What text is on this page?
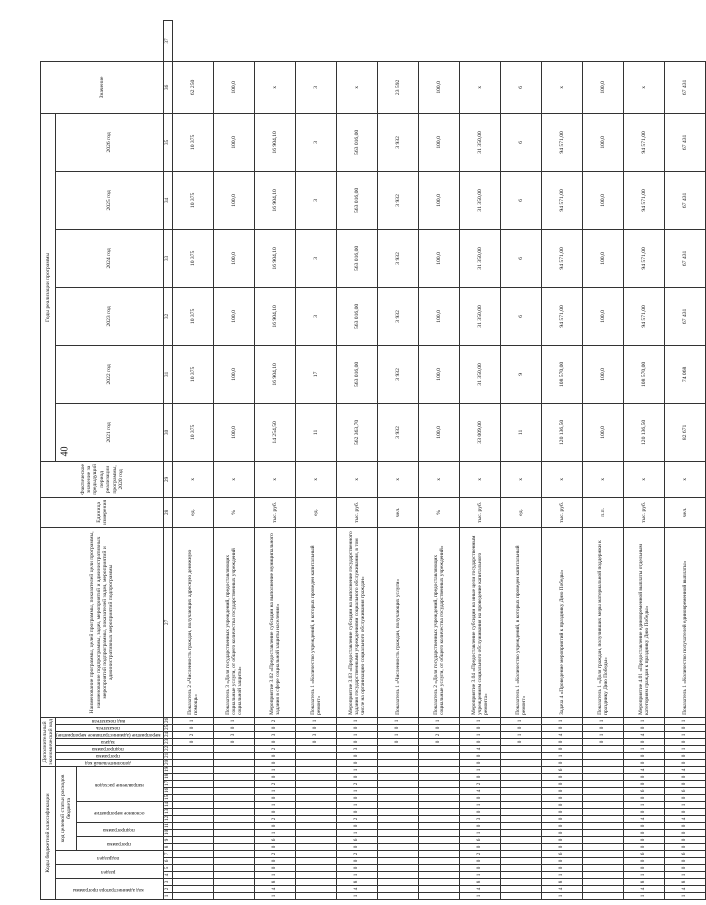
40
Коды бюджетной классификации																			Дополнительный экономический код							Наименование программы, целей программы, показателей цели программы, наименование подпрограммы, задач, мероприятий и административных мероприятий подпрограммы, показателей задач, мероприятий и административных мероприятий подпрограммы	Единица измерения	Фактическое значение за предыдущий период реализации программы, 2020 год	Годы реализации программы						Значение	
код администратора программы			раздел		подраздел		код целевой статьи расходов бюджета												дополнительный код	программа	подпрограмма	задача	мероприятие (административное мероприятие)	показатель	вид показателя				2021 год	2022 год	2023 год	2024 год	2025 год	2026 год		
							программа		подпрограмма		основное мероприятие			направление расходов																						
1	2	3	4	5	6	7	8	9	10	11	12	13	14	15	16	17	18	19	20	21	22	23	24	25	26	27	28	29	30	31	32	33	34	35	36	37
																						0	2	0	1	Показатель 2 «Численность граждан, получающих адресную денежную помощь»	ед.	х	10 375	10 375	10 375	10 375	10 375	10 375	62 250	
																						0	3	0	1	Показатель 3 «Доля государственных учреждений, предоставляющих социальные услуги, от общего количества государственных учреждений социальной защиты»	%	х	100,0	100,0	100,0	100,0	100,0	100,0	100,0	
1	4	8	1	0	0	2	0	6	1	0	2	0	1	0	1	2	0	1	0	0	2	0	3	0	2	Мероприятие 3.02 «Предоставление субсидии на выполнение муниципального задания в сфере социальной защиты населения»	тыс. руб.	х	14 254,50	16 904,10	16 904,10	16 904,10	16 904,10	16 904,10	х	
																						0	3	0	1	Показатель 1 «Количество учреждений, в которых проведен капитальный ремонт»	ед.	х	11	17	3	3	3	3	3	
1	4	8	1	0	0	2	0	6	1	0	2	0	1	0	1	2	0	1	0	0	3	0	1	0	1	Мероприятие 3.03 «Предоставление субсидии на выполнение государственного задания государственными учреждениями социального обслуживания, в том числе на организацию социального обслуживания граждан»	тыс. руб.	х	562 363,70	563 016,00	563 016,00	563 016,00	563 016,00	563 016,00	х	
																						0	1	0	1	Показатель 1 «Численность граждан, получающих услуги»	чел.	х	3 932	3 932	3 932	3 932	3 932	3 932	23 592	
																						0	2	0	1	Показатель 2 «Доля государственных учреждений, предоставляющих социальные услуги, от общего количества государственных учреждений»	%	х	100,0	100,0	100,0	100,0	100,0	100,0	100,0	
1	4	8	1	0	0	2	0	6	1	0	3	0	1	0	4	2	0	1	0	0	4	0	1	0	1	Мероприятие 3.04 «Предоставление субсидии на иные цели государственным учреждениям социального обслуживания на проведение капитального ремонта»	тыс. руб.	х	33 009,00	31 350,00	31 350,00	31 350,00	31 350,00	31 350,00	х	
																						0	1	0	1	Показатель 1 «Количество учреждений, в которых проведен капитальный ремонт»	ед.	х	11	9	6	6	6	6	6	
1	4	8	1	0	0	6	0	0	0	0	0	0	0	0	0	0	0	6	0	1	0	0	4	0	1	Задача 4 «Проведение мероприятий к празднику Дню Победы»	тыс. руб.	х	120 136,50	108 570,00	94 571,00	94 571,00	94 571,00	94 571,00	х	
																						0	1	0	1	Показатель 1 «Доля граждан, получивших меры материальной поддержки к празднику Дню Победы»	п.п.	х	100,0	100,0	100,0	100,0	100,0	100,0	100,0	
1	4	8	1	0	0	6	0	0	0	0	4	0	1	0	6	0	0	4	0	0	1	0	4	0	1	Мероприятие 4.01 «Предоставление единовременной выплаты отдельным категориям граждан к празднику Дню Победы»	тыс. руб.	х	120 136,50	108 570,00	94 571,00	94 571,00	94 571,00	94 571,00	х	
1	4	8	1	0	0	6	0	0	0	0	4	0	1	0	6	0	0	4	0	0	1	0	1	0	1	Показатель 1 «Количество получателей единовременной выплаты»	чел.	х	82 671	74 068	67 431	67 431	67 431	67 431	67 431	
